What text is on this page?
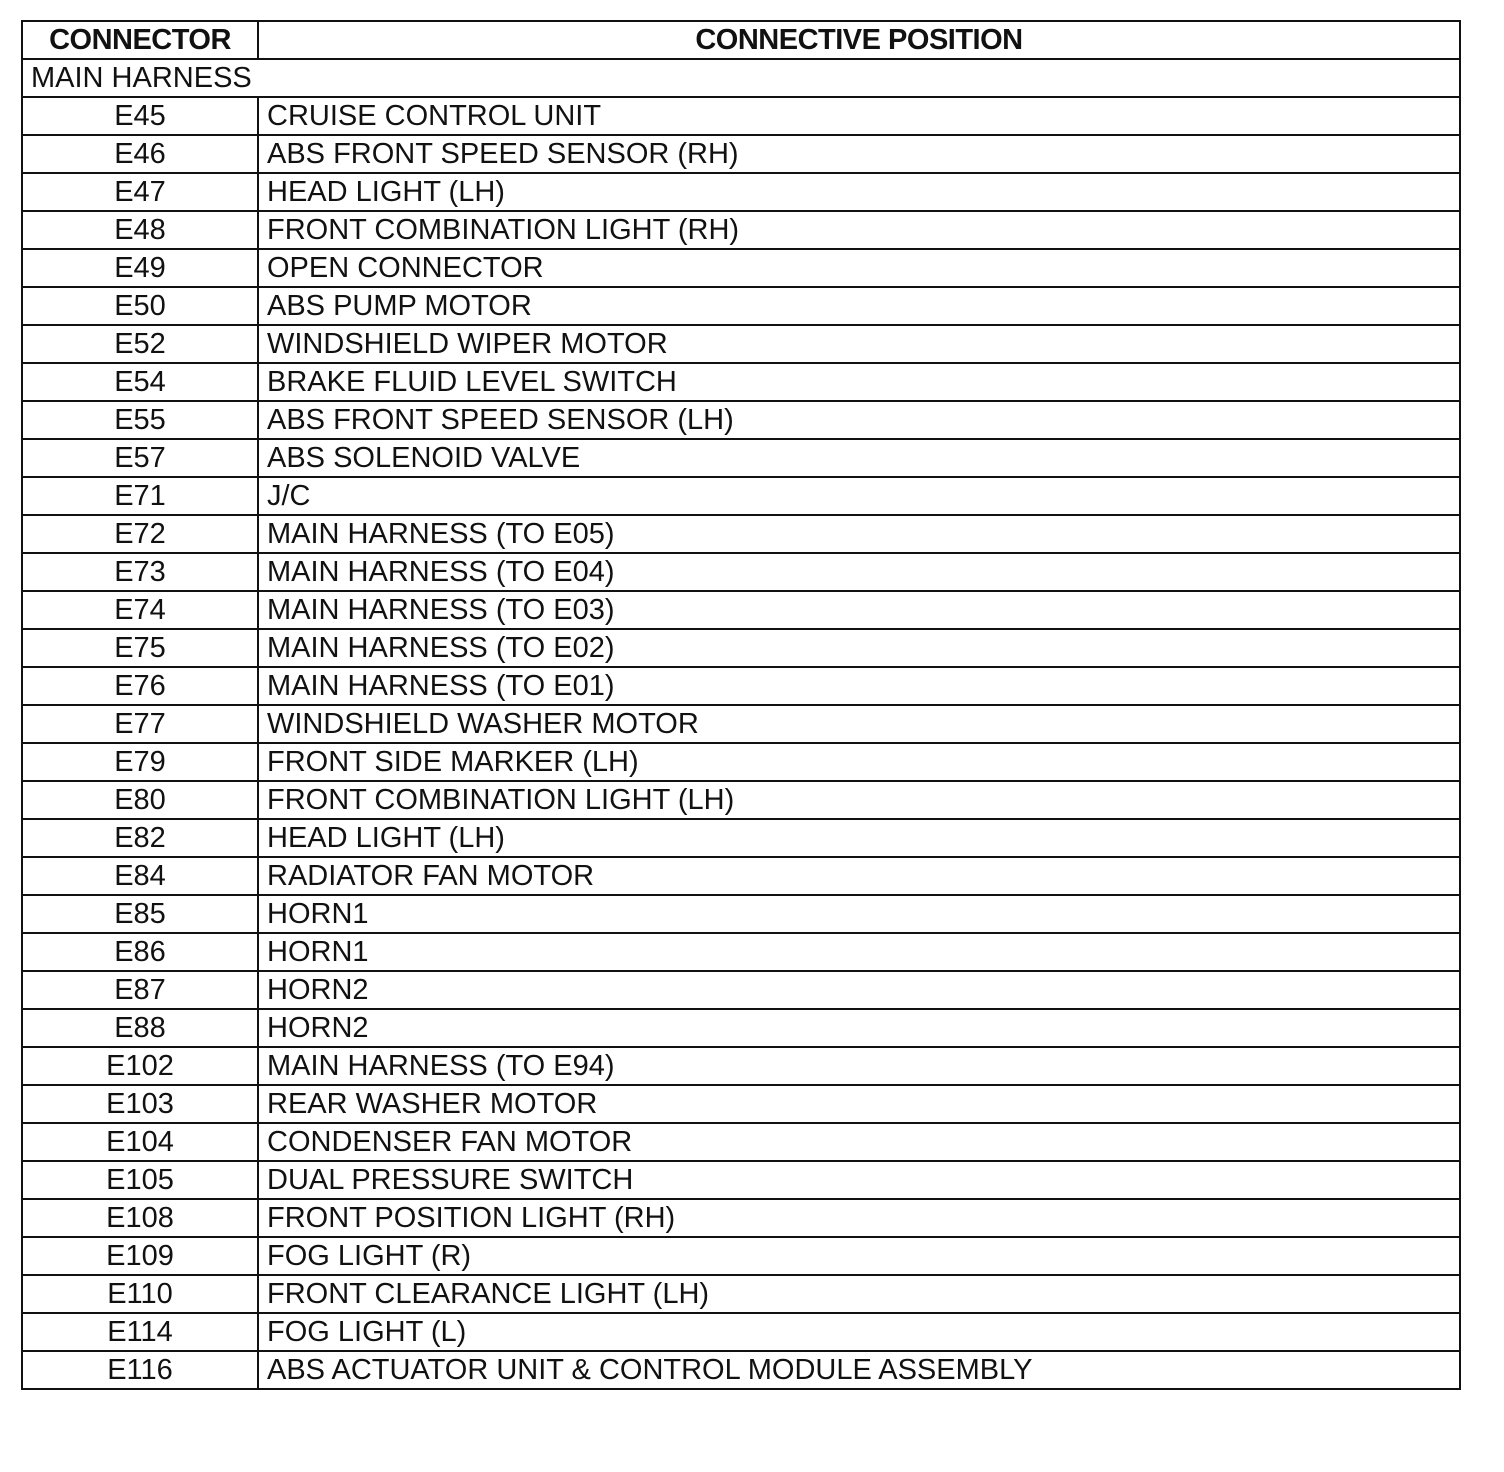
CONNECTOR	CONNECTIVE POSITION
MAIN HARNESS	
E45	CRUISE CONTROL UNIT
E46	ABS FRONT SPEED SENSOR (RH)
E47	HEAD LIGHT (LH)
E48	FRONT COMBINATION LIGHT (RH)
E49	OPEN CONNECTOR
E50	ABS PUMP MOTOR
E52	WINDSHIELD WIPER MOTOR
E54	BRAKE FLUID LEVEL SWITCH
E55	ABS FRONT SPEED SENSOR (LH)
E57	ABS SOLENOID VALVE
E71	J/C
E72	MAIN HARNESS (TO E05)
E73	MAIN HARNESS (TO E04)
E74	MAIN HARNESS (TO E03)
E75	MAIN HARNESS (TO E02)
E76	MAIN HARNESS (TO E01)
E77	WINDSHIELD WASHER MOTOR
E79	FRONT SIDE MARKER (LH)
E80	FRONT COMBINATION LIGHT (LH)
E82	HEAD LIGHT (LH)
E84	RADIATOR FAN MOTOR
E85	HORN1
E86	HORN1
E87	HORN2
E88	HORN2
E102	MAIN HARNESS (TO E94)
E103	REAR WASHER MOTOR
E104	CONDENSER FAN MOTOR
E105	DUAL PRESSURE SWITCH
E108	FRONT POSITION LIGHT (RH)
E109	FOG LIGHT (R)
E110	FRONT CLEARANCE LIGHT (LH)
E114	FOG LIGHT (L)
E116	ABS ACTUATOR UNIT & CONTROL MODULE ASSEMBLY
